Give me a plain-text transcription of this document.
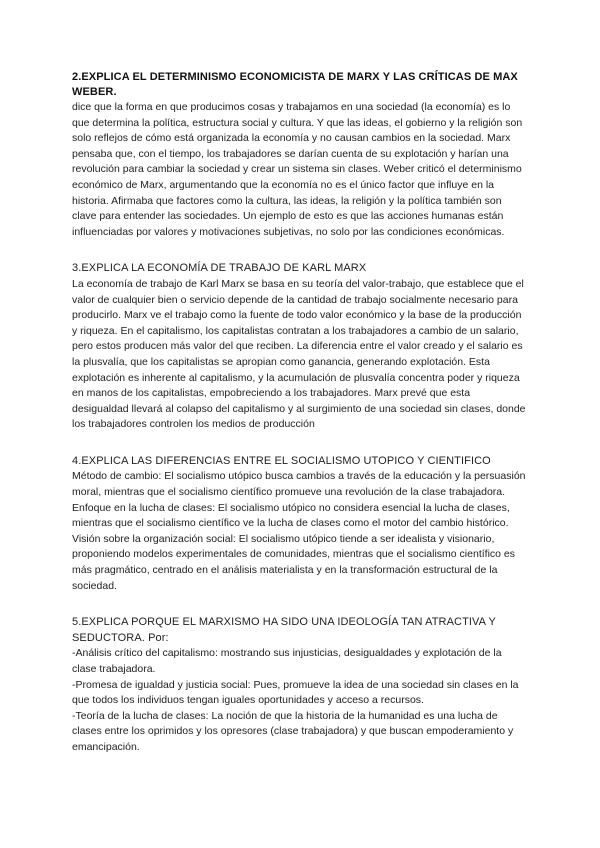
2.EXPLICA EL DETERMINISMO ECONOMICISTA DE MARX Y LAS CRÍTICAS DE MAX WEBER.

dice que la forma en que producimos cosas y trabajamos en una sociedad (la economía) es lo que determina la política, estructura social y cultura. Y que las ideas, el gobierno y la religión son solo reflejos de cómo está organizada la economía y no causan cambios en la sociedad. Marx pensaba que, con el tiempo, los trabajadores se darían cuenta de su explotación y harían una revolución para cambiar la sociedad y crear un sistema sin clases. Weber criticó el determinismo económico de Marx, argumentando que la economía no es el único factor que influye en la historia. Afirmaba que factores como la cultura, las ideas, la religión y la política también son clave para entender las sociedades. Un ejemplo de esto es que las acciones humanas están influenciadas por valores y motivaciones subjetivas, no solo por las condiciones económicas.

3.EXPLICA LA ECONOMÍA DE TRABAJO DE KARL MARX

La economía de trabajo de Karl Marx se basa en su teoría del valor-trabajo, que establece que el valor de cualquier bien o servicio depende de la cantidad de trabajo socialmente necesario para producirlo. Marx ve el trabajo como la fuente de todo valor económico y la base de la producción y riqueza. En el capitalismo, los capitalistas contratan a los trabajadores a cambio de un salario, pero estos producen más valor del que reciben. La diferencia entre el valor creado y el salario es la plusvalía, que los capitalistas se apropian como ganancia, generando explotación. Esta explotación es inherente al capitalismo, y la acumulación de plusvalía concentra poder y riqueza en manos de los capitalistas, empobreciendo a los trabajadores. Marx prevé que esta desigualdad llevará al colapso del capitalismo y al surgimiento de una sociedad sin clases, donde los trabajadores controlen los medios de producción

4.EXPLICA LAS DIFERENCIAS ENTRE EL SOCIALISMO UTOPICO Y CIENTIFICO

Método de cambio: El socialismo utópico busca cambios a través de la educación y la persuasión moral, mientras que el socialismo científico promueve una revolución de la clase trabajadora.

Enfoque en la lucha de clases: El socialismo utópico no considera esencial la lucha de clases, mientras que el socialismo científico ve la lucha de clases como el motor del cambio histórico.

Visión sobre la organización social: El socialismo utópico tiende a ser idealista y visionario, proponiendo modelos experimentales de comunidades, mientras que el socialismo científico es más pragmático, centrado en el análisis materialista y en la transformación estructural de la sociedad.

5.EXPLICA PORQUE EL MARXISMO HA SIDO UNA IDEOLOGÍA TAN ATRACTIVA Y SEDUCTORA. Por:

-Análisis crítico del capitalismo: mostrando sus injusticias, desigualdades y explotación de la clase trabajadora.

-Promesa de igualdad y justicia social: Pues, promueve la idea de una sociedad sin clases en la que todos los individuos tengan iguales oportunidades y acceso a recursos.

-Teoría de la lucha de clases: La noción de que la historia de la humanidad es una lucha de clases entre los oprimidos y los opresores (clase trabajadora) y que buscan empoderamiento y emancipación.
